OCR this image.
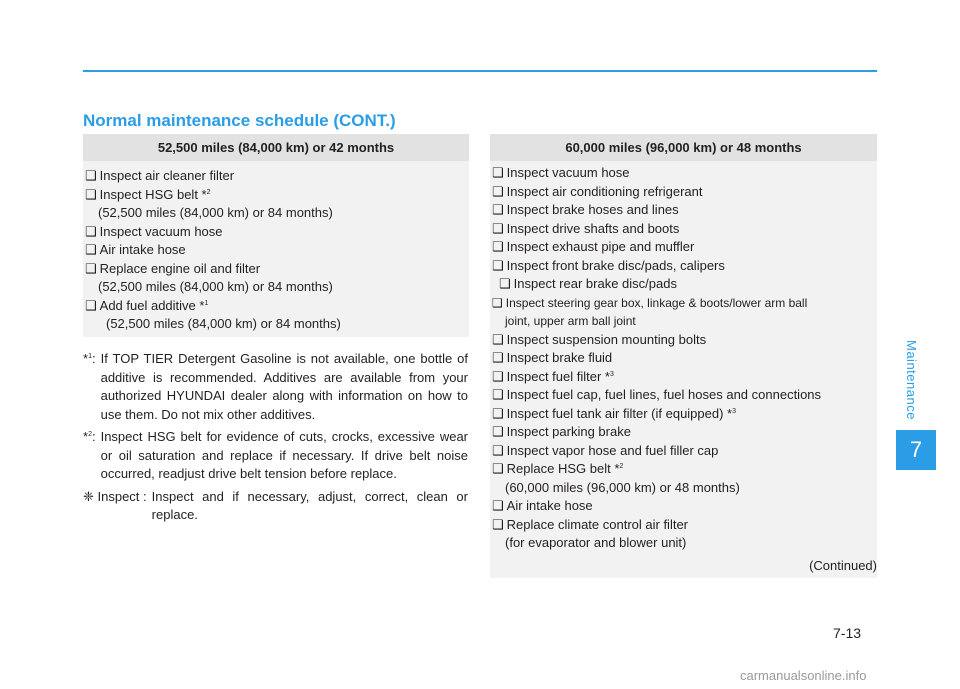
Maintenance
7
Normal maintenance schedule (CONT.)
52,500 miles (84,000 km) or 42 months
❑ Inspect air cleaner filter
❑ Inspect HSG belt *$^2$
(52,500 miles (84,000 km) or 84 months)
❑ Inspect vacuum hose
❑ Air intake hose
❑ Replace engine oil and filter
(52,500 miles (84,000 km) or 84 months)
❑ Add fuel additive *$^1$
(52,500 miles (84,000 km) or 84 months)
*$^1$: If TOP TIER Detergent Gasoline is not available, one bottle of additive is recommended. Additives are available from your authorized HYUNDAI dealer along with information on how to use them. Do not mix other additives.
*$^2$: Inspect HSG belt for evidence of cuts, crocks, excessive wear or oil saturation and replace if necessary. If drive belt noise occurred, readjust drive belt tension before replace.
❈ Inspect : Inspect and if necessary, adjust, correct, clean or replace.
60,000 miles (96,000 km) or 48 months
❑ Inspect vacuum hose
❑ Inspect air conditioning refrigerant
❑ Inspect brake hoses and lines
❑ Inspect drive shafts and boots
❑ Inspect exhaust pipe and muffler
❑ Inspect front brake disc/pads, calipers
❑ Inspect rear brake disc/pads
❑ Inspect steering gear box, linkage & boots/lower arm ball
joint, upper arm ball joint
❑ Inspect suspension mounting bolts
❑ Inspect brake fluid
❑ Inspect fuel filter *$^3$
❑ Inspect fuel cap, fuel lines, fuel hoses and connections
❑ Inspect fuel tank air filter (if equipped) *$^3$
❑ Inspect parking brake
❑ Inspect vapor hose and fuel filler cap
❑ Replace HSG belt *$^2$
(60,000 miles (96,000 km) or 48 months)
❑ Air intake hose
❑ Replace climate control air filter
(for evaporator and blower unit)
(Continued)
7-13
carmanualsonline.info
